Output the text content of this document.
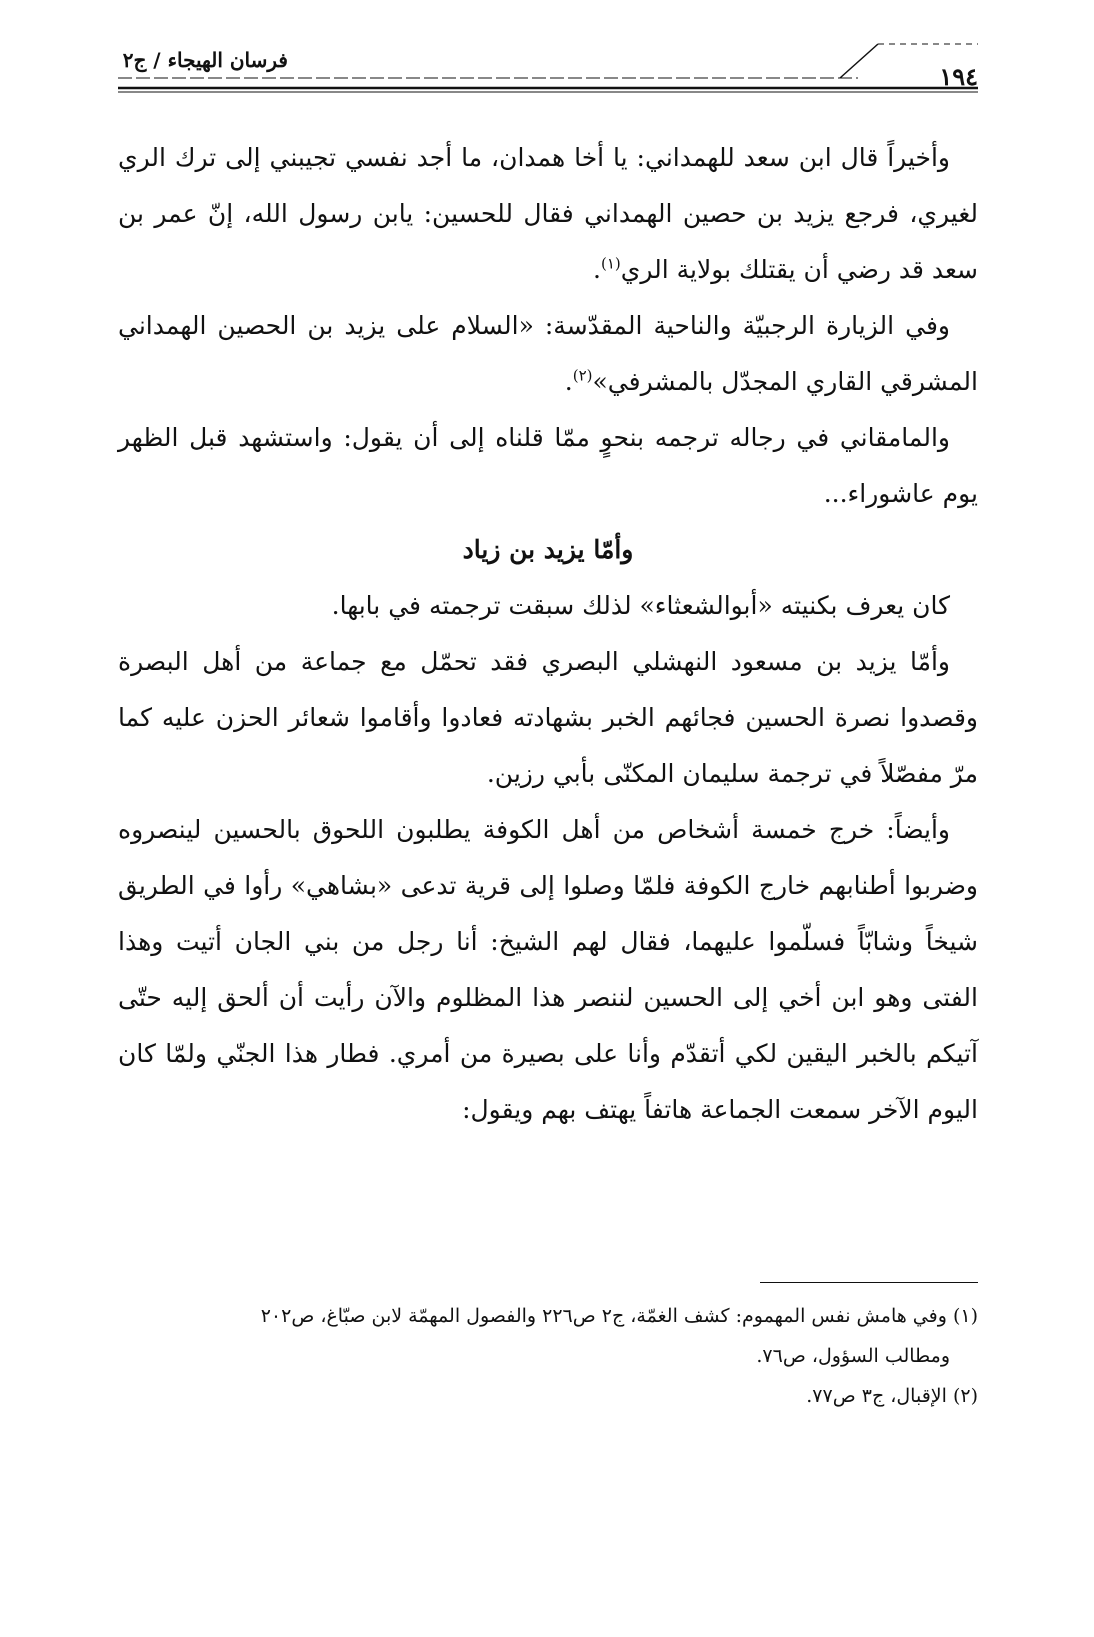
فرسان الهيجاء / ج٢
١٩٤

وأخيراً قال ابن سعد للهمداني: يا أخا همدان، ما أجد نفسي تجيبني إلى ترك الري لغيري، فرجع يزيد بن حصين الهمداني فقال للحسين: يابن رسول الله، إنّ عمر بن سعد قد رضي أن يقتلك بولاية الري$^{(١)}$.

وفي الزيارة الرجبيّة والناحية المقدّسة: «السلام على يزيد بن الحصين الهمداني المشرقي القاري المجدّل بالمشرفي»$^{(٢)}$.

والمامقاني في رجاله ترجمه بنحوٍ ممّا قلناه إلى أن يقول: واستشهد قبل الظهر يوم عاشوراء...

وأمّا يزيد بن زياد

كان يعرف بكنيته «أبوالشعثاء» لذلك سبقت ترجمته في بابها.

وأمّا يزيد بن مسعود النهشلي البصري فقد تحمّل مع جماعة من أهل البصرة وقصدوا نصرة الحسين فجائهم الخبر بشهادته فعادوا وأقاموا شعائر الحزن عليه كما مرّ مفصّلاً في ترجمة سليمان المكنّى بأبي رزين.

وأيضاً: خرج خمسة أشخاص من أهل الكوفة يطلبون اللحوق بالحسين لينصروه وضربوا أطنابهم خارج الكوفة فلمّا وصلوا إلى قرية تدعى «بشاهي» رأوا في الطريق شيخاً وشابّاً فسلّموا عليهما، فقال لهم الشيخ: أنا رجل من بني الجان أتيت وهذا الفتى وهو ابن أخي إلى الحسين لننصر هذا المظلوم والآن رأيت أن ألحق إليه حتّى آتيكم بالخبر اليقين لكي أتقدّم وأنا على بصيرة من أمري. فطار هذا الجنّي ولمّا كان اليوم الآخر سمعت الجماعة هاتفاً يهتف بهم ويقول:

(١) وفي هامش نفس المهموم: كشف الغمّة، ج٢ ص٢٢٦ والفصول المهمّة لابن صبّاغ، ص٢٠٢

ومطالب السؤول، ص٧٦.

(٢) الإقبال، ج٣ ص٧٧.
